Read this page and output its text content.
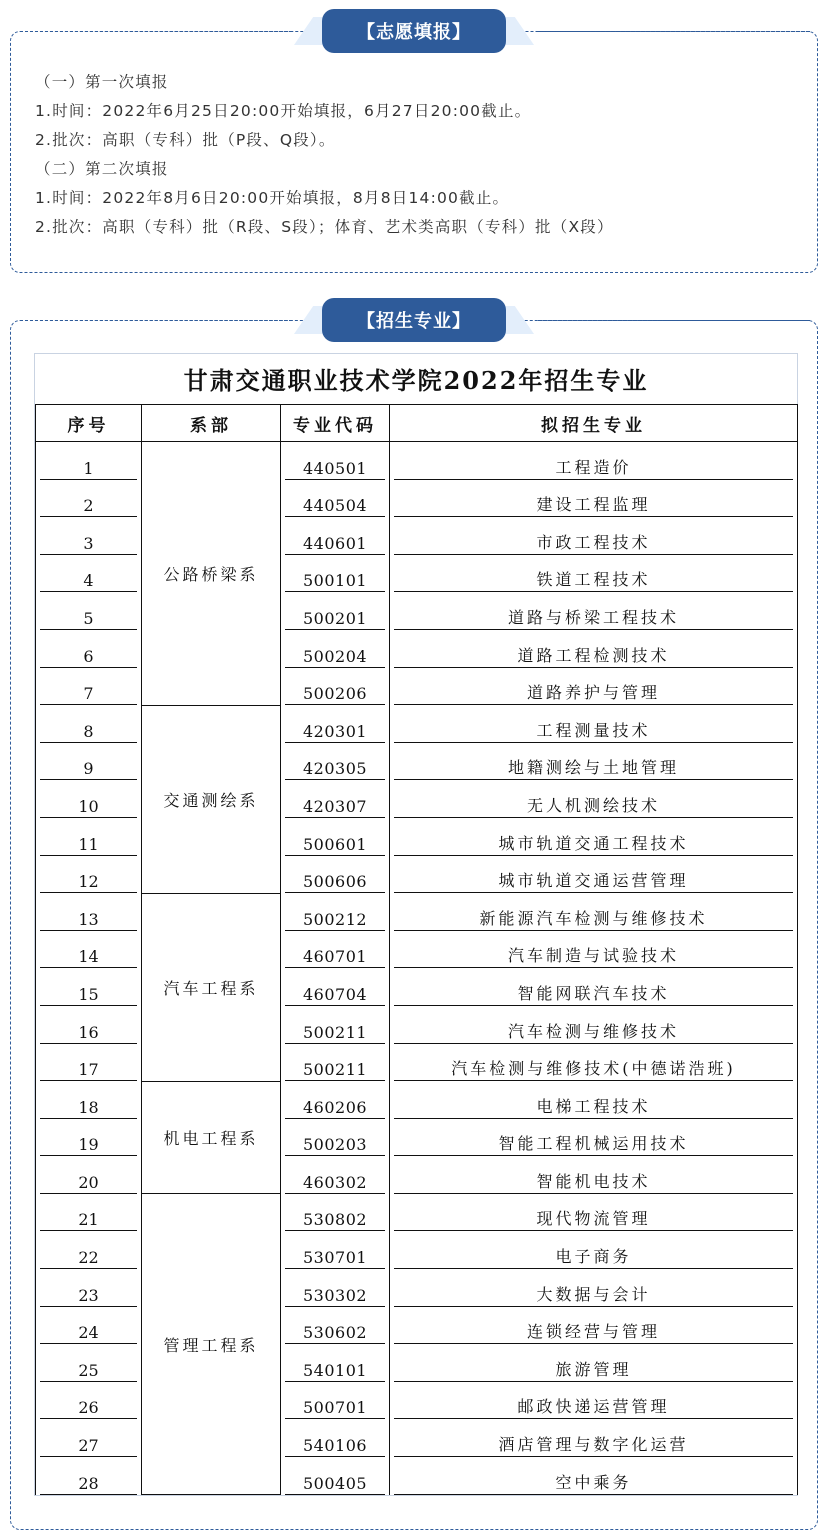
（一）第一次填报
1.时间：2022年6月25日20:00开始填报，6月27日20:00截止。
2.批次：高职（专科）批（P段、Q段）。
（二）第二次填报
1.时间：2022年8月6日20:00开始填报，8月8日14:00截止。
2.批次：高职（专科）批（R段、S段）；体育、艺术类高职（专科）批（X段）
【志愿填报】
【招生专业】
甘肃交通职业技术学院2022年招生专业
序号	系部	专业代码	拟招生专业

1	公路桥梁系	440501	工程造价

2		440504	建设工程监理

3		440601	市政工程技术

4		500101	铁道工程技术

5		500201	道路与桥梁工程技术

6		500204	道路工程检测技术

7		500206	道路养护与管理

8	交通测绘系	420301	工程测量技术

9		420305	地籍测绘与土地管理

10		420307	无人机测绘技术

11		500601	城市轨道交通工程技术

12		500606	城市轨道交通运营管理

13	汽车工程系	500212	新能源汽车检测与维修技术

14		460701	汽车制造与试验技术

15		460704	智能网联汽车技术

16		500211	汽车检测与维修技术

17		500211	汽车检测与维修技术(中德诺浩班)

18	机电工程系	460206	电梯工程技术

19		500203	智能工程机械运用技术

20		460302	智能机电技术

21	管理工程系	530802	现代物流管理

22		530701	电子商务

23		530302	大数据与会计

24		530602	连锁经营与管理

25		540101	旅游管理

26		500701	邮政快递运营管理

27		540106	酒店管理与数字化运营

28		500405	空中乘务
